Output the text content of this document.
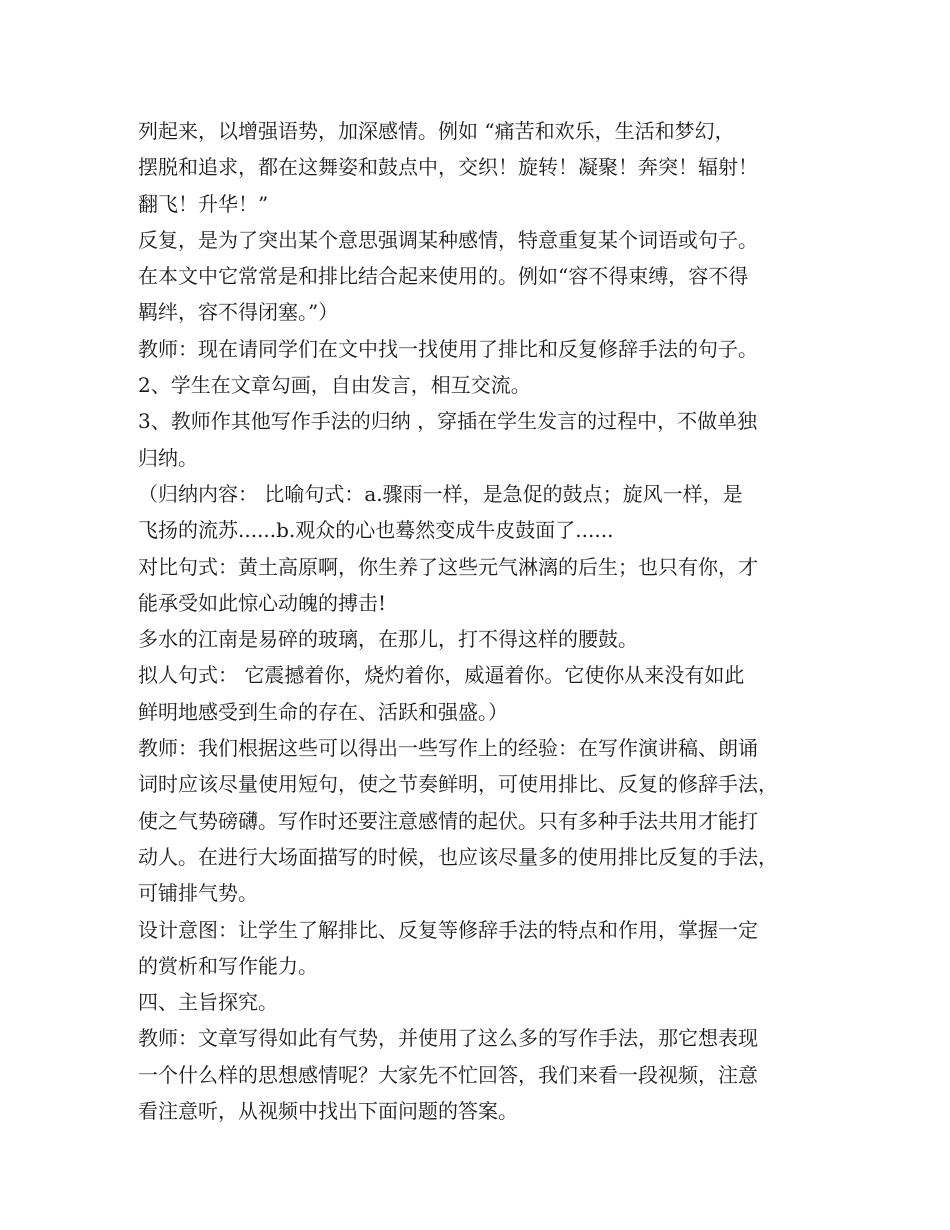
列起来，以增强语势，加深感情。例如 “痛苦和欢乐，生活和梦幻，
摆脱和追求，都在这舞姿和鼓点中，交织！旋转！凝聚！奔突！辐射！
翻飞！升华！”
反复，是为了突出某个意思强调某种感情，特意重复某个词语或句子。
在本文中它常常是和排比结合起来使用的。例如“容不得束缚，容不得
羁绊，容不得闭塞。”）
教师：现在请同学们在文中找一找使用了排比和反复修辞手法的句子。
2、学生在文章勾画，自由发言，相互交流。
3、教师作其他写作手法的归纳 ，穿插在学生发言的过程中，不做单独
归纳。
（归纳内容： 比喻句式：a.骤雨一样，是急促的鼓点；旋风一样，是
飞扬的流苏......b.观众的心也蓦然变成牛皮鼓面了......
对比句式：黄土高原啊，你生养了这些元气淋漓的后生；也只有你，才
能承受如此惊心动魄的搏击!
多水的江南是易碎的玻璃，在那儿，打不得这样的腰鼓。
拟人句式： 它震撼着你，烧灼着你，威逼着你。它使你从来没有如此
鲜明地感受到生命的存在、活跃和强盛。）
教师：我们根据这些可以得出一些写作上的经验：在写作演讲稿、朗诵
词时应该尽量使用短句，使之节奏鲜明，可使用排比、反复的修辞手法，
使之气势磅礴。写作时还要注意感情的起伏。只有多种手法共用才能打
动人。在进行大场面描写的时候，也应该尽量多的使用排比反复的手法，
可铺排气势。
设计意图：让学生了解排比、反复等修辞手法的特点和作用，掌握一定
的赏析和写作能力。
四、主旨探究。
教师：文章写得如此有气势，并使用了这么多的写作手法，那它想表现
一个什么样的思想感情呢？大家先不忙回答，我们来看一段视频，注意
看注意听，从视频中找出下面问题的答案。
